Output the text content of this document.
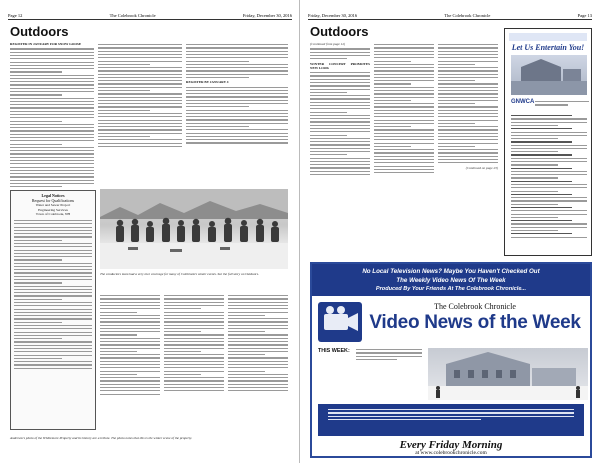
Page 12	The Colebrook Chronicle	Friday, December 30, 2016
Outdoors
REGISTER IN JANUARY FOR SNOW GOOSE
REGISTER BY JANUARY 4
Legal Notices
Request for Qualifications
Water and Sewer Project
Engineering Services
Town of Colebrook, NH
The conductors team had a very nice coverage for many of Colebrook's winter events. See the full story on Outdoors.
Anderson's photo of the Whittemore Property and its history are a tribute. The photo notes that this is the winter scene of the property.
Friday, December 30, 2016	The Colebrook Chronicle	Page 13
Outdoors
(Continued from page 12)
WINTER CONCERT PROMOTES NEW LOOK
(Continued on page 23)
Let Us Entertain You!
GNWCA
No Local Television News? Maybe You Haven't Checked Out
The Weekly Video News Of The Week
Produced By Your Friends At The Colebrook Chronicle...
The Colebrook Chronicle
Video News of the Week
THIS WEEK:
Every Friday Morning
at www.colebrookchronicle.com
